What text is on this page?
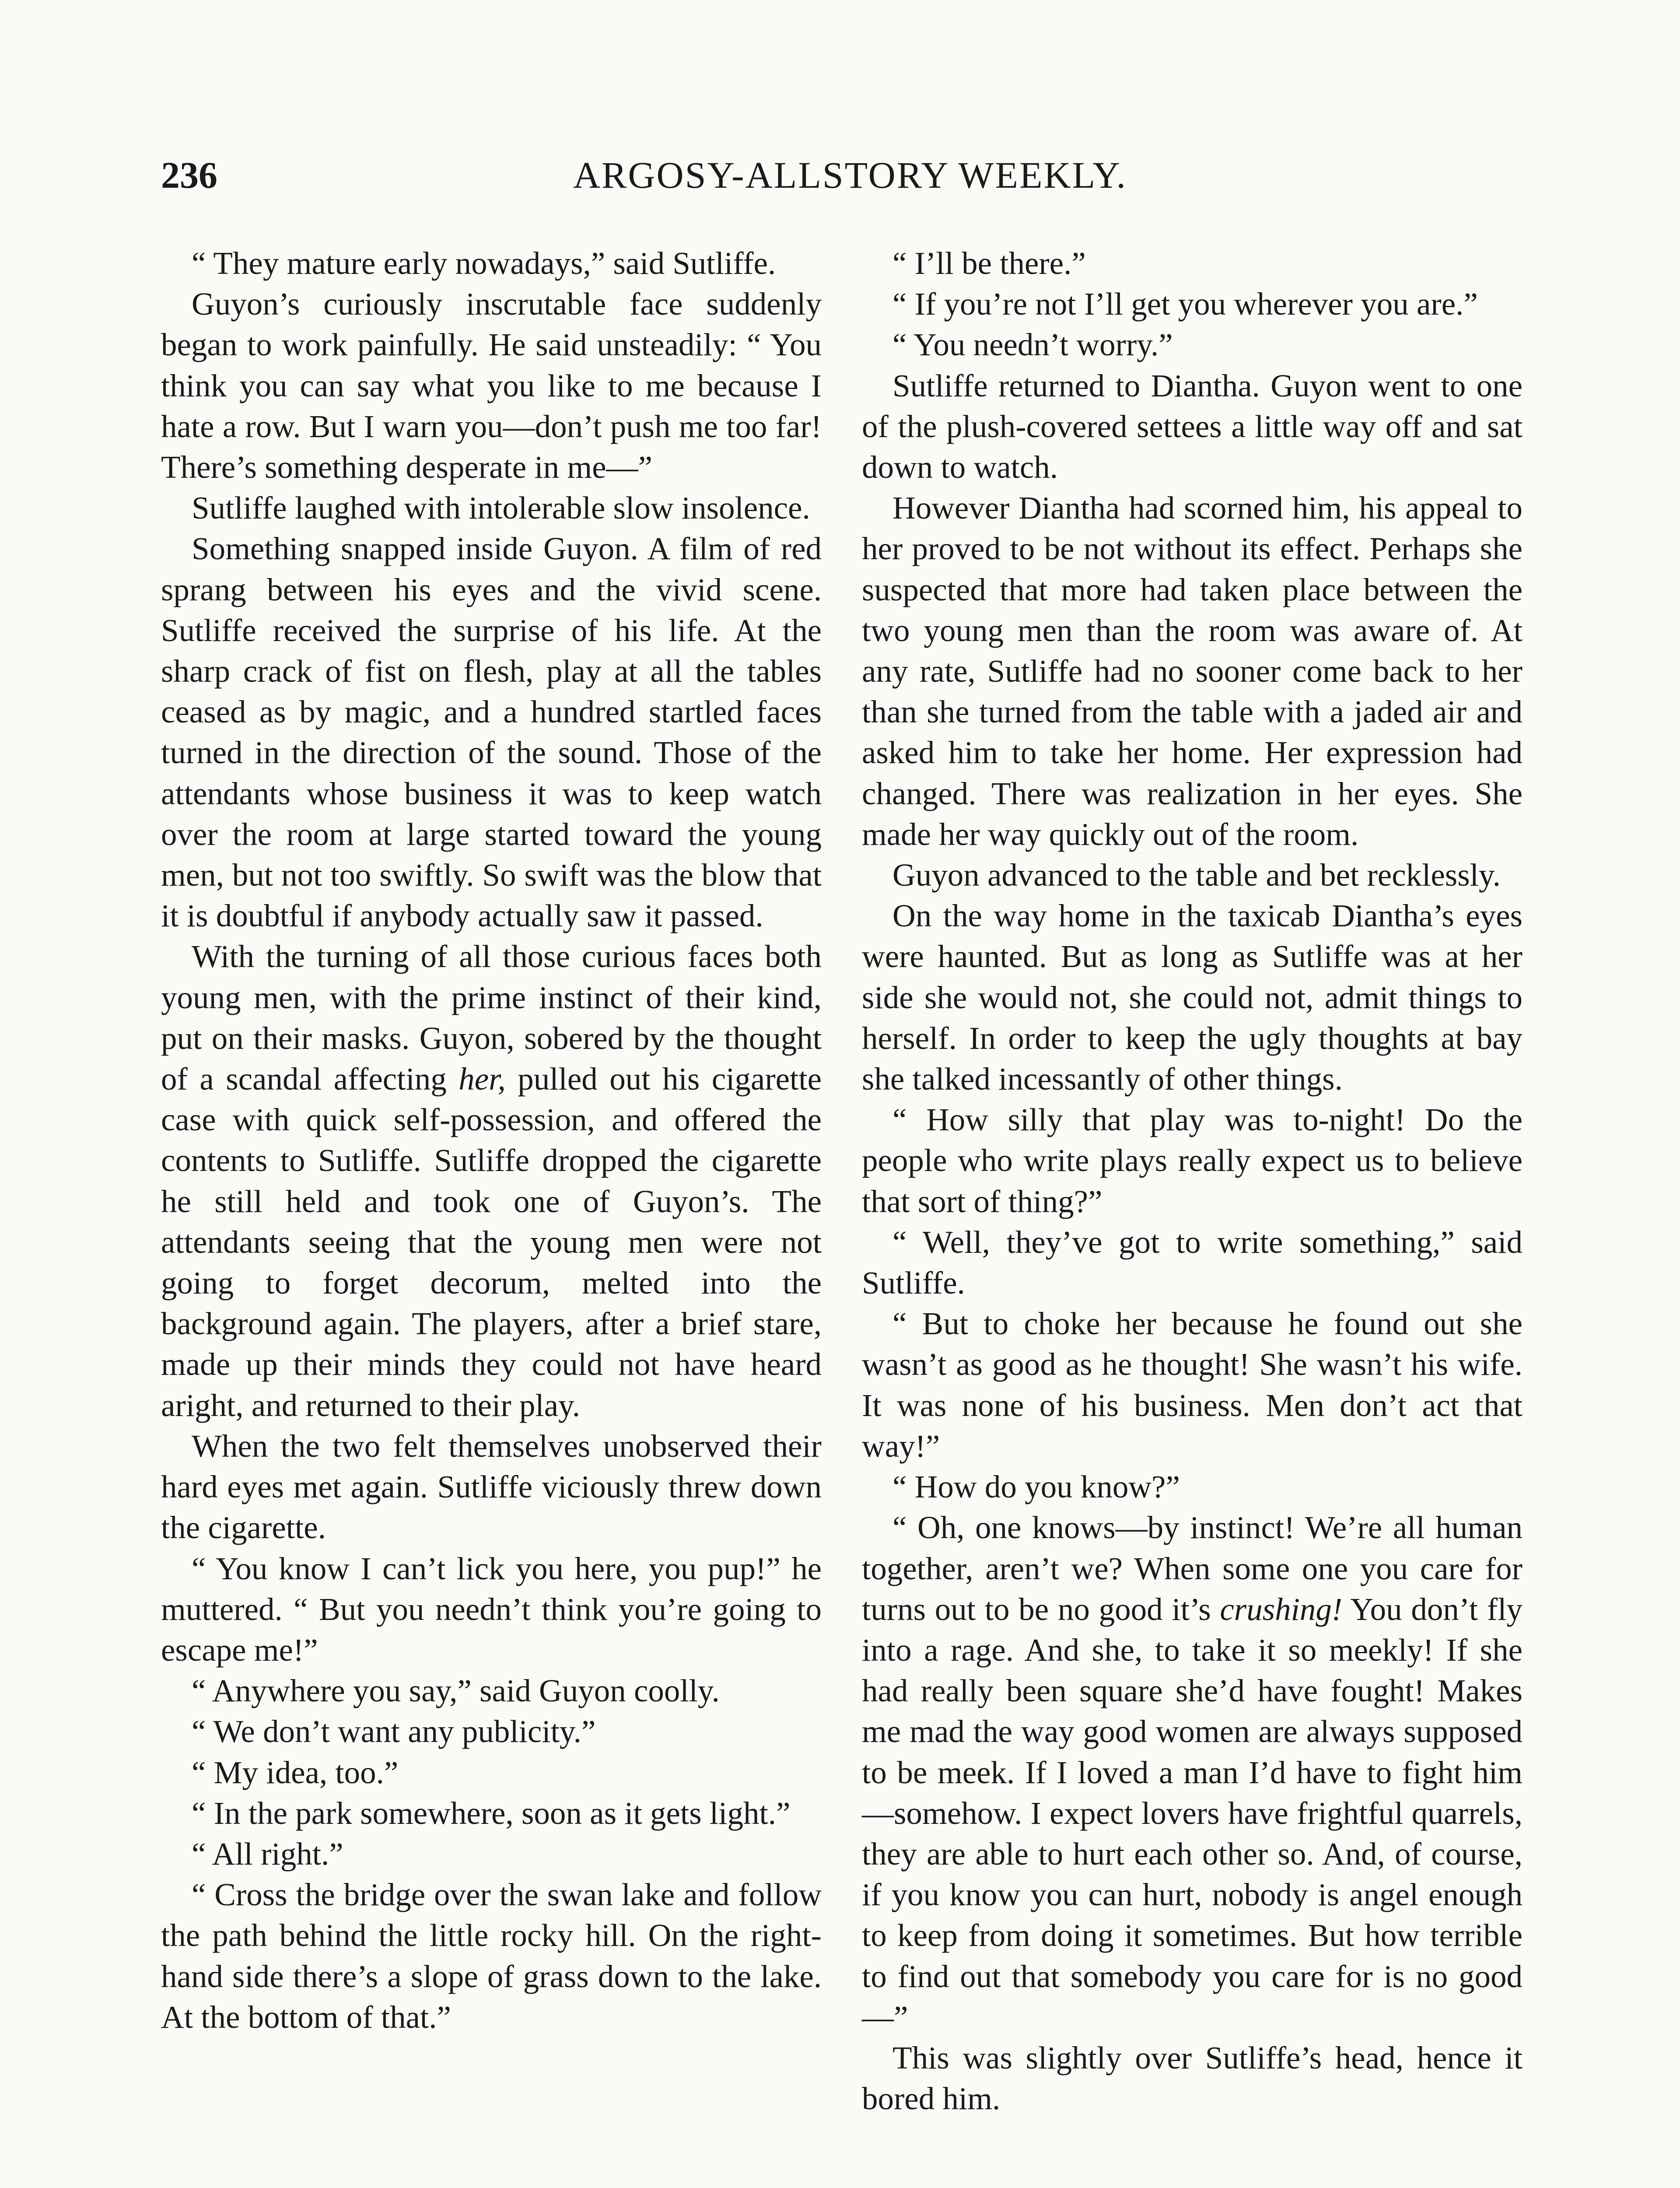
236	ARGOSY-ALLSTORY WEEKLY.

“ They mature early nowadays,” said Sutliffe.

Guyon’s curiously inscrutable face suddenly began to work painfully. He said unsteadily: “ You think you can say what you like to me because I hate a row. But I warn you—don’t push me too far! There’s something desperate in me—”

Sutliffe laughed with intolerable slow insolence.

Something snapped inside Guyon. A film of red sprang between his eyes and the vivid scene. Sutliffe received the surprise of his life. At the sharp crack of fist on flesh, play at all the tables ceased as by magic, and a hundred startled faces turned in the direction of the sound. Those of the attendants whose business it was to keep watch over the room at large started toward the young men, but not too swiftly. So swift was the blow that it is doubtful if anybody actually saw it passed.

With the turning of all those curious faces both young men, with the prime instinct of their kind, put on their masks. Guyon, sobered by the thought of a scandal affecting her, pulled out his cigarette case with quick self-possession, and offered the contents to Sutliffe. Sutliffe dropped the cigarette he still held and took one of Guyon’s. The attendants seeing that the young men were not going to forget decorum, melted into the background again. The players, after a brief stare, made up their minds they could not have heard aright, and returned to their play.

When the two felt themselves unobserved their hard eyes met again. Sutliffe viciously threw down the cigarette.

“ You know I can’t lick you here, you pup!” he muttered. “ But you needn’t think you’re going to escape me!”

“ Anywhere you say,” said Guyon coolly.

“ We don’t want any publicity.”

“ My idea, too.”

“ In the park somewhere, soon as it gets light.”

“ All right.”

“ Cross the bridge over the swan lake and follow the path behind the little rocky hill. On the right-hand side there’s a slope of grass down to the lake. At the bottom of that.”

“ I’ll be there.”

“ If you’re not I’ll get you wherever you are.”

“ You needn’t worry.”

Sutliffe returned to Diantha. Guyon went to one of the plush-covered settees a little way off and sat down to watch.

However Diantha had scorned him, his appeal to her proved to be not without its effect. Perhaps she suspected that more had taken place between the two young men than the room was aware of. At any rate, Sutliffe had no sooner come back to her than she turned from the table with a jaded air and asked him to take her home. Her expression had changed. There was realization in her eyes. She made her way quickly out of the room.

Guyon advanced to the table and bet recklessly.

On the way home in the taxicab Diantha’s eyes were haunted. But as long as Sutliffe was at her side she would not, she could not, admit things to herself. In order to keep the ugly thoughts at bay she talked incessantly of other things.

“ How silly that play was to-night! Do the people who write plays really expect us to believe that sort of thing?”

“ Well, they’ve got to write something,” said Sutliffe.

“ But to choke her because he found out she wasn’t as good as he thought! She wasn’t his wife. It was none of his business. Men don’t act that way!”

“ How do you know?”

“ Oh, one knows—by instinct! We’re all human together, aren’t we? When some one you care for turns out to be no good it’s crushing! You don’t fly into a rage. And she, to take it so meekly! If she had really been square she’d have fought! Makes me mad the way good women are always supposed to be meek. If I loved a man I’d have to fight him—somehow. I expect lovers have frightful quarrels, they are able to hurt each other so. And, of course, if you know you can hurt, nobody is angel enough to keep from doing it sometimes. But how terrible to find out that somebody you care for is no good—”

This was slightly over Sutliffe’s head, hence it bored him.
